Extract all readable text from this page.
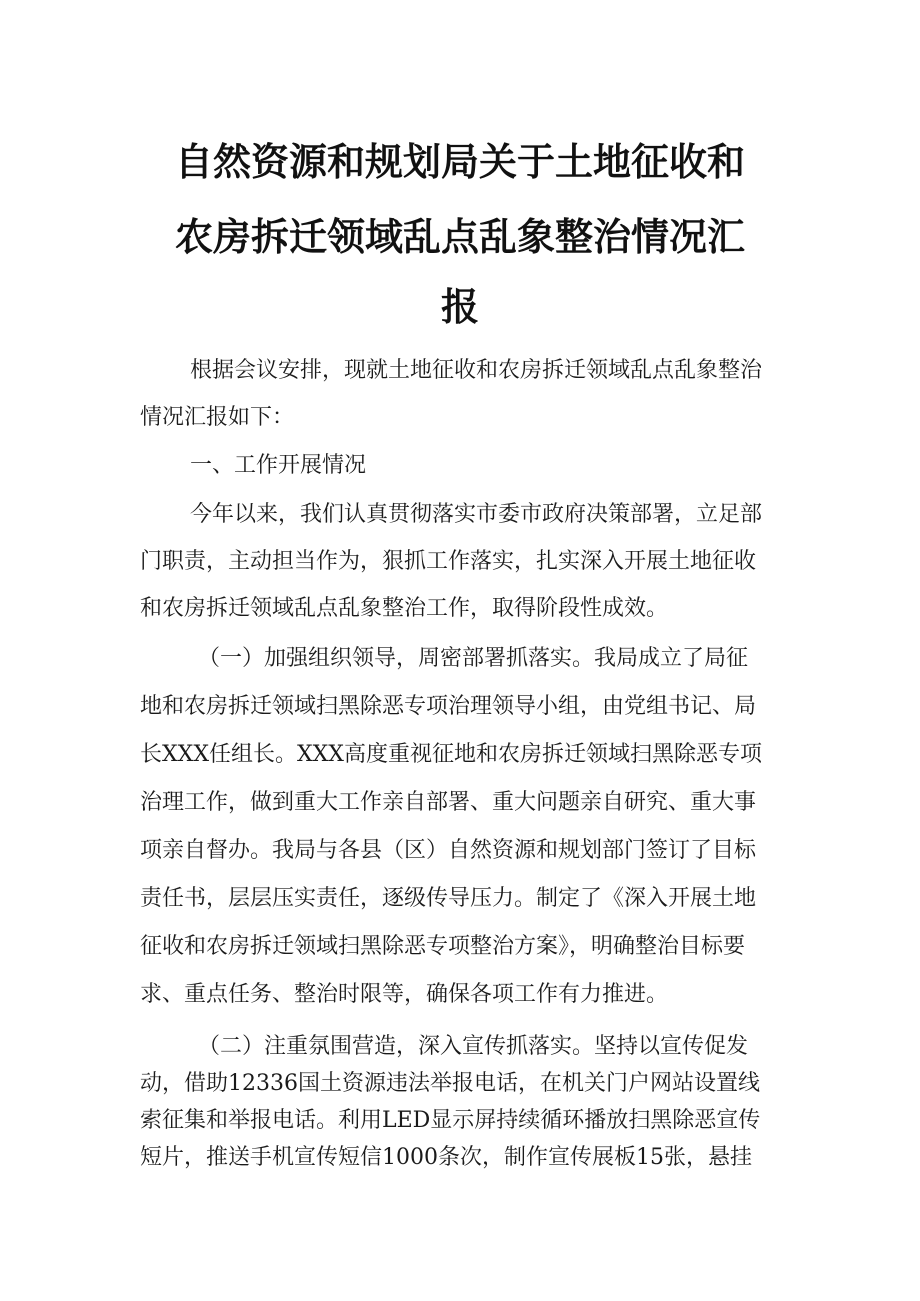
自然资源和规划局关于土地征收和
农房拆迁领域乱点乱象整治情况汇
报
根据会议安排，现就土地征收和农房拆迁领域乱点乱象整治
情况汇报如下：
一、工作开展情况
今年以来，我们认真贯彻落实市委市政府决策部署，立足部
门职责，主动担当作为，狠抓工作落实，扎实深入开展土地征收
和农房拆迁领域乱点乱象整治工作，取得阶段性成效。
（一）加强组织领导，周密部署抓落实。我局成立了局征
地和农房拆迁领域扫黑除恶专项治理领导小组，由党组书记、局
长XXX任组长。XXX高度重视征地和农房拆迁领域扫黑除恶专项
治理工作，做到重大工作亲自部署、重大问题亲自研究、重大事
项亲自督办。我局与各县（区）自然资源和规划部门签订了目标
责任书，层层压实责任，逐级传导压力。制定了《深入开展土地
征收和农房拆迁领域扫黑除恶专项整治方案》，明确整治目标要
求、重点任务、整治时限等，确保各项工作有力推进。
（二）注重氛围营造，深入宣传抓落实。坚持以宣传促发
动，借助12336国土资源违法举报电话，在机关门户网站设置线
索征集和举报电话。利用LED显示屏持续循环播放扫黑除恶宣传
短片，推送手机宣传短信1000条次，制作宣传展板15张，悬挂
